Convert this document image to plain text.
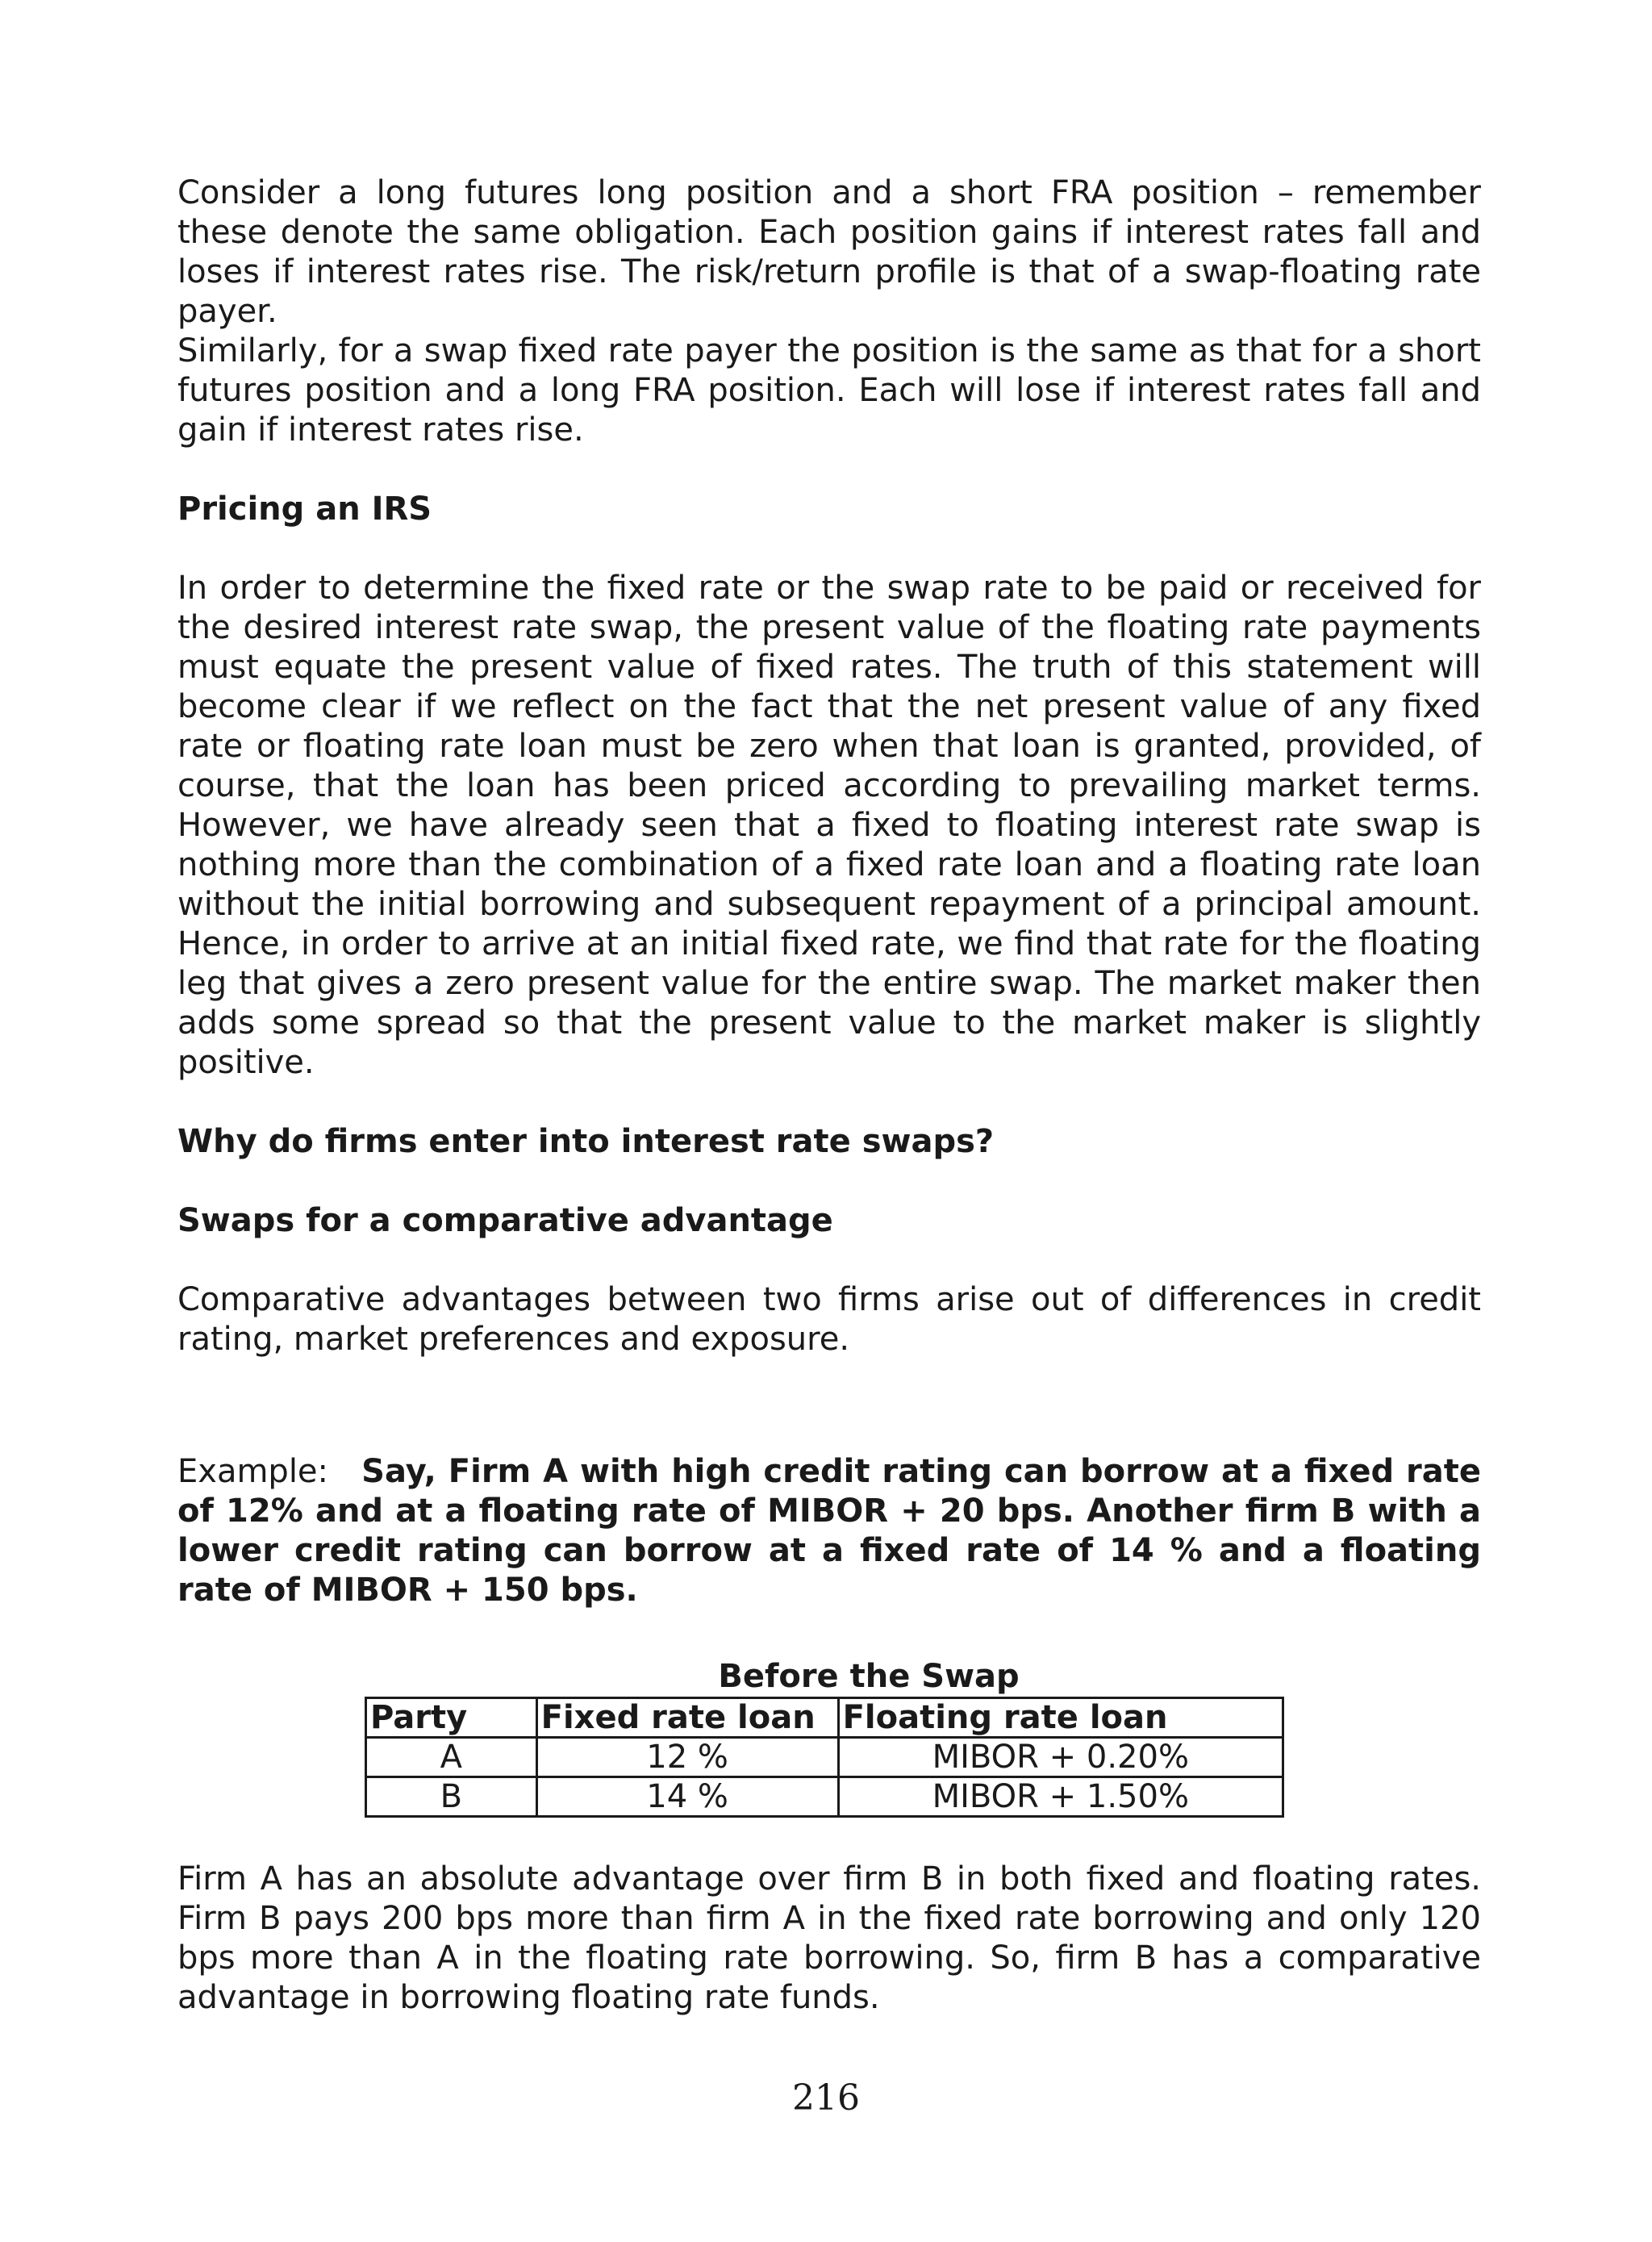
Consider a long futures long position and a short FRA position – remember these denote the same obligation. Each position gains if interest rates fall and loses if interest rates rise. The risk/return profile is that of a swap-floating rate payer.

Similarly, for a swap fixed rate payer the position is the same as that for a short futures position and a long FRA position. Each will lose if interest rates fall and gain if interest rates rise.

Pricing an IRS

In order to determine the fixed rate or the swap rate to be paid or received for the desired interest rate swap, the present value of the floating rate payments must equate the present value of fixed rates. The truth of this statement will become clear if we reflect on the fact that the net present value of any fixed rate or floating rate loan must be zero when that loan is granted, provided, of course, that the loan has been priced according to prevailing market terms. However, we have already seen that a fixed to floating interest rate swap is nothing more than the combination of a fixed rate loan and a floating rate loan without the initial borrowing and subsequent repayment of a principal amount. Hence, in order to arrive at an initial fixed rate, we find that rate for the floating leg that gives a zero present value for the entire swap. The market maker then adds some spread so that the present value to the market maker is slightly positive.

Why do firms enter into interest rate swaps?
Swaps for a comparative advantage

Comparative advantages between two firms arise out of differences in credit rating, market preferences and exposure.

Example: Say, Firm A with high credit rating can borrow at a fixed rate of 12% and at a floating rate of MIBOR + 20 bps. Another firm B with a lower credit rating can borrow at a fixed rate of 14 % and a floating rate of MIBOR + 150 bps.

Before the Swap
Party	Fixed rate loan	Floating rate loan
A	12 %	MIBOR + 0.20%
B	14 %	MIBOR + 1.50%

Firm A has an absolute advantage over firm B in both fixed and floating rates. Firm B pays 200 bps more than firm A in the fixed rate borrowing and only 120 bps more than A in the floating rate borrowing. So, firm B has a comparative advantage in borrowing floating rate funds.

216
